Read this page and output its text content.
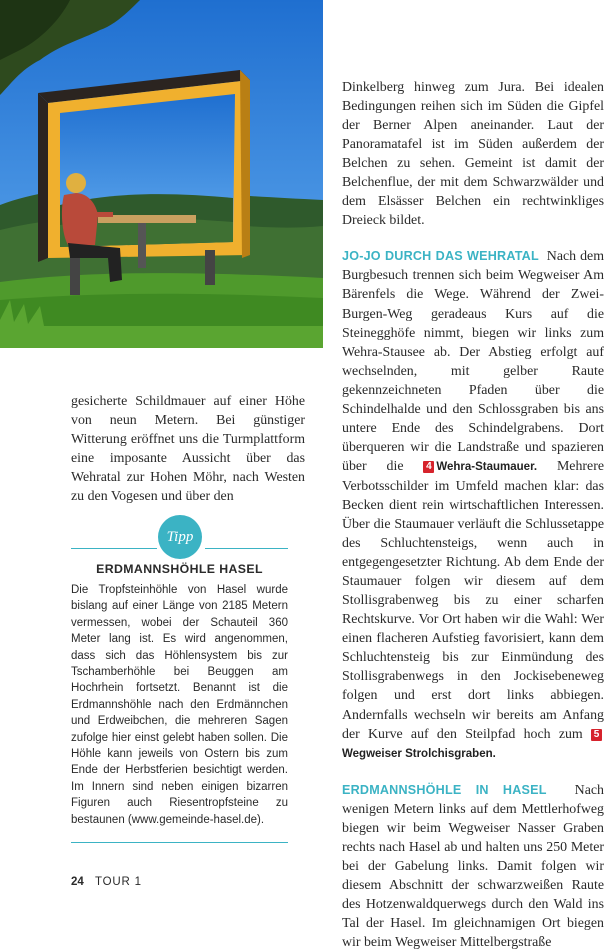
Dinkelberg hinweg zum Jura. Bei idealen Bedingungen reihen sich im Süden die Gipfel der Berner Alpen aneinander. Laut der Panoramatafel ist im Süden außerdem der Belchen zu sehen. Gemeint ist damit der Belchenflue, der mit dem Schwarzwälder und dem Elsässer Belchen ein rechtwinkliges Dreieck bildet.

JO-JO DURCH DAS WEHRATAL Nach dem Burgbesuch trennen sich beim Wegweiser Am Bärenfels die Wege. Während der Zwei-Burgen-Weg geradeaus Kurs auf die Steinegghöfe nimmt, biegen wir links zum Wehra-Stausee ab. Der Abstieg erfolgt auf wechselnden, mit gelber Raute gekennzeichneten Pfaden über die Schindelhalde und den Schlossgraben bis ans untere Ende des Schindelgrabens. Dort überqueren wir die Landstraße und spazieren über die 4 Wehra-Staumauer. Mehrere Verbotsschilder im Umfeld machen klar: das Becken dient rein wirtschaftlichen Interessen. Über die Staumauer verläuft die Schlussetappe des Schluchtensteigs, wenn auch in entgegengesetzter Richtung. Ab dem Ende der Staumauer folgen wir diesem auf dem Stollisgrabenweg bis zu einer scharfen Rechtskurve. Vor Ort haben wir die Wahl: Wer einen flacheren Aufstieg favorisiert, kann dem Schluchtensteig bis zur Einmündung des Stollisgrabenwegs in den Jockisebeneweg folgen und erst dort links abbiegen. Andernfalls wechseln wir bereits am Anfang der Kurve auf den Steilpfad hoch zum 5Wegweiser Strolchisgraben.

ERDMANNSHÖHLE IN HASEL Nach wenigen Metern links auf dem Mettlerhofweg biegen wir beim Wegweiser Nasser Graben rechts nach Hasel ab und halten uns 250 Meter bei der Gabelung links. Damit folgen wir diesem Abschnitt der schwarzweißen Raute des Hotzenwaldquerwegs durch den Wald ins Tal der Hasel. Im gleichnamigen Ort biegen wir beim Wegweiser Mittelbergstraße

gesicherte Schildmauer auf einer Höhe von neun Metern. Bei günstiger Witterung eröffnet uns die Turmplattform eine imposante Aussicht über das Wehratal zur Hohen Möhr, nach Westen zu den Vogesen und über den

Tipp
ERDMANNSHÖHLE HASEL

Die Tropfsteinhöhle von Hasel wurde bislang auf einer Länge von 2185 Metern vermessen, wobei der Schauteil 360 Meter lang ist. Es wird angenommen, dass sich das Höhlensystem bis zur Tschamberhöhle bei Beuggen am Hochrhein fortsetzt. Benannt ist die Erdmannshöhle nach den Erdmännchen und Erdweibchen, die mehreren Sagen zufolge hier einst gelebt haben sollen. Die Höhle kann jeweils von Ostern bis zum Ende der Herbstferien besichtigt werden. Im Innern sind neben einigen bizarren Figuren auch Riesentropfsteine zu bestaunen (www.gemeinde-hasel.de).

24 TOUR 1
